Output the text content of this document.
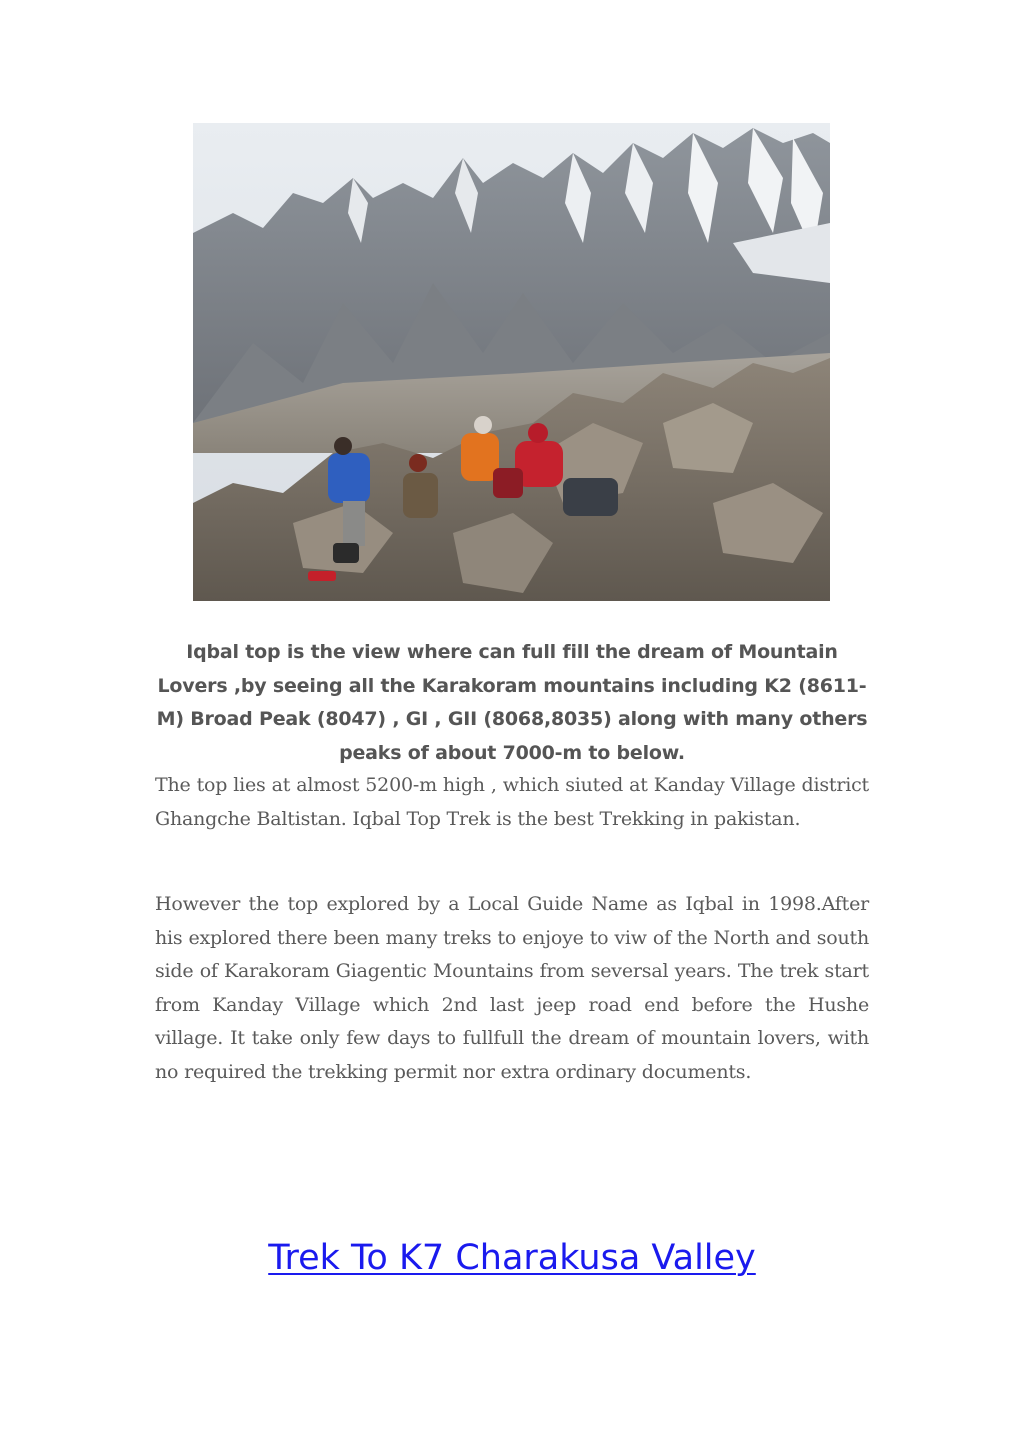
Iqbal top is the view where can full fill the dream of Mountain Lovers ,by seeing all the Karakoram mountains including K2 (8611-M) Broad Peak (8047) , GI , GII (8068,8035) along with many others peaks of about 7000-m to below.

The top lies at almost 5200-m high , which siuted at Kanday Village district Ghangche Baltistan. Iqbal Top Trek is the best Trekking in pakistan.

However the top explored by a Local Guide Name as Iqbal in 1998.After his explored there been many treks to enjoye to viw of the North and south side of Karakoram Giagentic Mountains from seversal years. The trek start from Kanday Village which 2nd last jeep road end before the Hushe village. It take only few days to fullfull the dream of mountain lovers, with no required the trekking permit nor extra ordinary documents.

Trek To K7 Charakusa Valley
